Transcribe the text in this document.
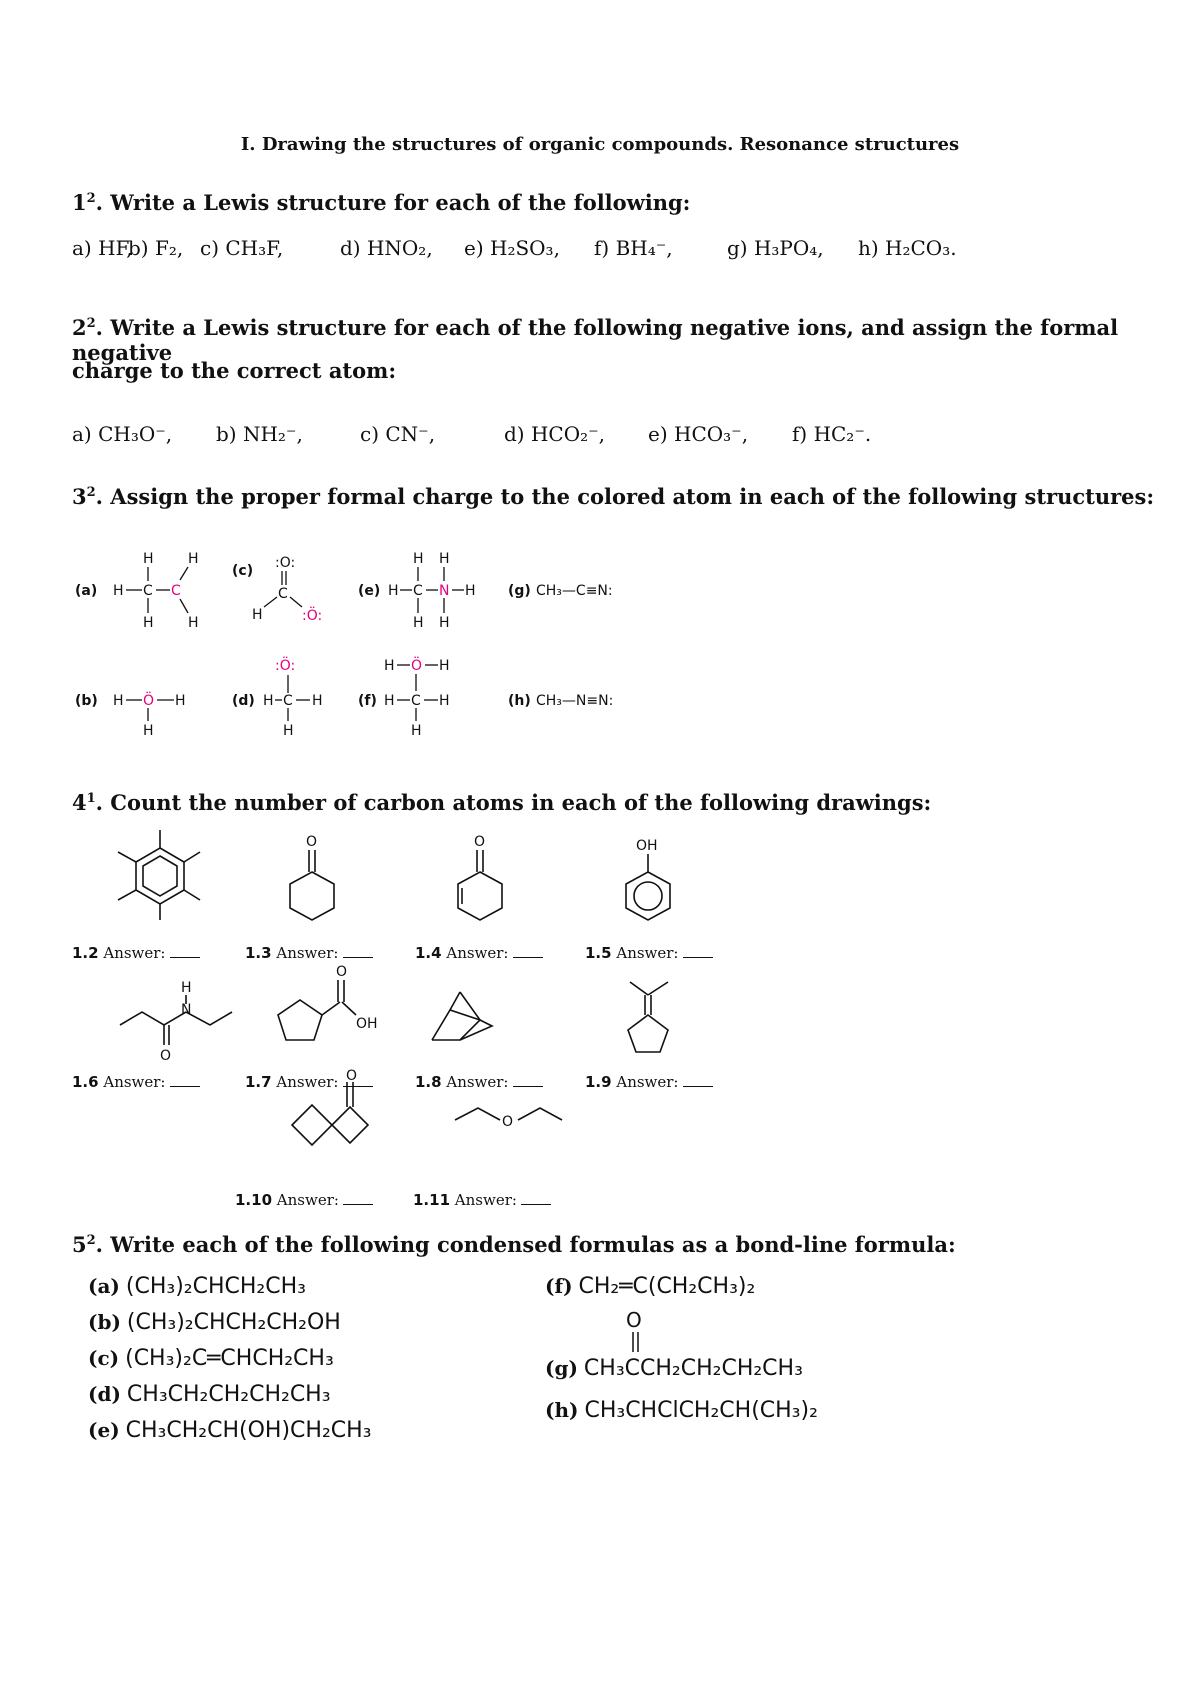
I. Drawing the structures of organic compounds. Resonance structures
$1^2$. Write a Lewis structure for each of the following:
a) HF,
b) F₂, c) CH₃F,	d) HNO₂, e) H₂SO₃, f) BH₄⁻,	g) H₃PO₄, h) H₂CO₃.
$2^2$. Write a Lewis structure for each of the following negative ions, and assign the formal negative
charge to the correct atom:
a) CH₃O⁻, b) NH₂⁻,	c) CN⁻,	d) HCO₂⁻, e) HCO₃⁻, f) HC₂⁻.
$3^2$. Assign the proper formal charge to the colored atom in each of the following structures:
(a) H C C
H
H
H
H
(b) H Ö H
H
(c) :O:
C
H	:Ö:
(d)
:Ö:
H C H
H
(e) H C N H
H H
H H
(f)
H Ö H
H C H
H
(g) CH₃—C≡N:
(h) CH₃—N≡N:
$4^1$. Count the number of carbon atoms in each of the following drawings:
O	O	OH
H
N
O
O
OH
O
O
1.2 Answer:	1.3 Answer:	1.4 Answer:	1.5 Answer:
1.6 Answer:	1.7 Answer:	1.8 Answer:	1.9 Answer:
1.10 Answer:	1.11 Answer:
$5^2$. Write each of the following condensed formulas as a bond-line formula:
(a) (CH₃)₂CHCH₂CH₃
(b) (CH₃)₂CHCH₂CH₂OH
(c) (CH₃)₂C═CHCH₂CH₃
(d) CH₃CH₂CH₂CH₂CH₃
(e) CH₃CH₂CH(OH)CH₂CH₃
(f) CH₂═C(CH₂CH₃)₂
O
(g) CH₃CCH₂CH₂CH₂CH₃
(h) CH₃CHClCH₂CH(CH₃)₂
